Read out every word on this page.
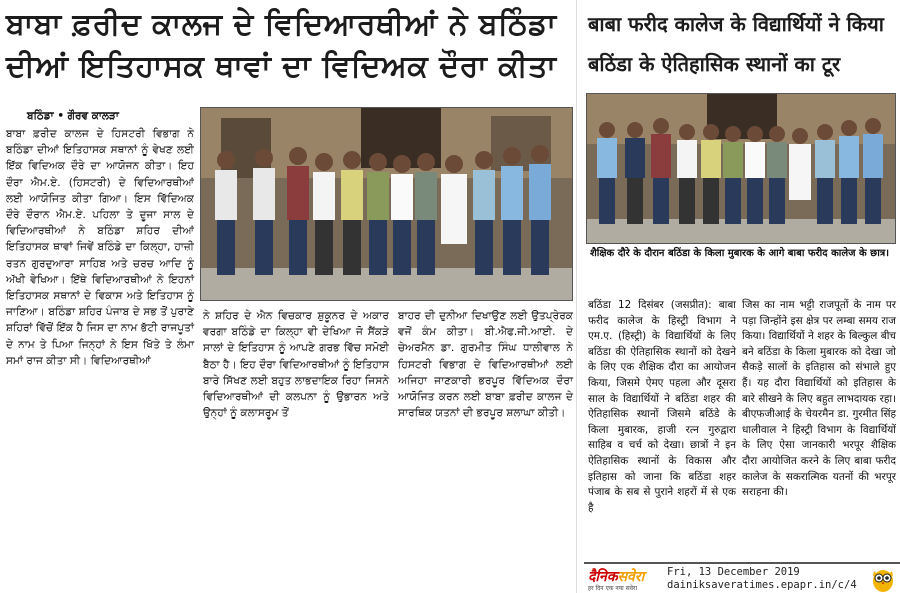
ਬਾਬਾ ਫ਼ਰੀਦ ਕਾਲਜ ਦੇ ਵਿਦਿਆਰਥੀਆਂ ਨੇ ਬਠਿੰਡਾ
ਦੀਆਂ ਇਤਿਹਾਸਕ ਥਾਵਾਂ ਦਾ ਵਿਦਿਅਕ ਦੌਰਾ ਕੀਤਾ
ਬਠਿੰਡਾ • ਗੌਰਵ ਕਾਲੜਾ

ਬਾਬਾ ਫ਼ਰੀਦ ਕਾਲਜ ਦੇ ਹਿਸਟਰੀ ਵਿਭਾਗ ਨੇ ਬਠਿੰਡਾ ਦੀਆਂ ਇਤਿਹਾਸਕ ਸਥਾਨਾਂ ਨੂੰ ਵੇਖਣ ਲਈ ਇੱਕ ਵਿਦਿਅਕ ਦੌਰੇ ਦਾ ਆਯੋਜਨ ਕੀਤਾ। ਇਹ ਦੌਰਾ ਐਮ.ਏ. (ਹਿਸਟਰੀ) ਦੇ ਵਿਦਿਆਰਥੀਆਂ ਲਈ ਆਯੋਜਿਤ ਕੀਤਾ ਗਿਆ। ਇਸ ਵਿੱਦਿਅਕ ਦੌਰੇ ਦੌਰਾਨ ਐਮ.ਏ. ਪਹਿਲਾ ਤੇ ਦੂਜਾ ਸਾਲ ਦੇ ਵਿਦਿਆਰਥੀਆਂ ਨੇ ਬਠਿੰਡਾ ਸ਼ਹਿਰ ਦੀਆਂ ਇਤਿਹਾਸਕ ਥਾਵਾਂ ਜਿਵੇਂ ਬਠਿੰਡੇ ਦਾ ਕਿਲ੍ਹਾ, ਹਾਜ਼ੀ ਰਤਨ ਗੁਰਦੁਆਰਾ ਸਾਹਿਬ ਅਤੇ ਚਰਚ ਆਦਿ ਨੂੰ ਅੱਖੀ ਵੇਖਿਆ। ਇੱਥੇ ਵਿਦਿਆਰਥੀਆਂ ਨੇ ਇਹਨਾਂ ਇਤਿਹਾਸਕ ਸਥਾਨਾਂ ਦੇ ਵਿਕਾਸ ਅਤੇ ਇਤਿਹਾਸ ਨੂੰ ਜਾਣਿਆ। ਬਠਿੰਡਾ ਸ਼ਹਿਰ ਪੰਜਾਬ ਦੇ ਸਭ ਤੋਂ ਪੁਰਾਣੇ ਸ਼ਹਿਰਾਂ ਵਿੱਚੋਂ ਇੱਕ ਹੈ ਜਿਸ ਦਾ ਨਾਮ ਭੱਟੀ ਰਾਜਪੂਤਾਂ ਦੇ ਨਾਮ ਤੇ ਪਿਆ ਜਿਨ੍ਹਾਂ ਨੇ ਇਸ ਖਿੱਤੇ ਤੇ ਲੰਮਾ ਸਮਾਂ ਰਾਜ ਕੀਤਾ ਸੀ। ਵਿਦਿਆਰਥੀਆਂ

ਨੇ ਸ਼ਹਿਰ ਦੇ ਐਨ ਵਿਚਕਾਰ ਸ਼ੁਕੂਨਰ ਦੇ ਅਕਾਰ ਵਰਗਾ ਬਠਿੰਡੇ ਦਾ ਕਿਲ੍ਹਾ ਵੀ ਦੇਖਿਆ ਜੋ ਸੈਂਕੜੇ ਸਾਲਾਂ ਦੇ ਇਤਿਹਾਸ ਨੂੰ ਆਪਣੇ ਗਰਭ ਵਿੱਚ ਸਮੋਈ ਬੈਠਾ ਹੈ। ਇਹ ਦੌਰਾ ਵਿਦਿਆਰਥੀਆਂ ਨੂੰ ਇਤਿਹਾਸ ਬਾਰੇ ਸਿੱਖਣ ਲਈ ਬਹੁਤ ਲਾਭਦਾਇਕ ਰਿਹਾ ਜਿਸਨੇ ਵਿਦਿਆਰਥੀਆਂ ਦੀ ਕਲਪਨਾ ਨੂੰ ਉਭਾਰਨ ਅਤੇ ਉਨ੍ਹਾਂ ਨੂੰ ਕਲਾਸਰੂਮ ਤੋਂ

ਬਾਹਰ ਦੀ ਦੁਨੀਆ ਦਿਖਾਉਣ ਲਈ ਉਤਪ੍ਰੇਰਕ ਵਜੋਂ ਕੰਮ ਕੀਤਾ। ਬੀ.ਐਫ.ਜੀ.ਆਈ. ਦੇ ਚੇਅਰਮੈਨ ਡਾ. ਗੁਰਮੀਤ ਸਿੰਘ ਧਾਲੀਵਾਲ ਨੇ ਹਿਸਟਰੀ ਵਿਭਾਗ ਦੇ ਵਿਦਿਆਰਥੀਆਂ ਲਈ ਅਜਿਹਾ ਜਾਣਕਾਰੀ ਭਰਪੂਰ ਵਿੱਦਿਅਕ ਦੌਰਾ ਆਯੋਜਿਤ ਕਰਨ ਲਈ ਬਾਬਾ ਫ਼ਰੀਦ ਕਾਲਜ ਦੇ ਸਾਰਥਿਕ ਯਤਨਾਂ ਦੀ ਭਰਪੂਰ ਸ਼ਲਾਘਾ ਕੀਤੀ।

बाबा फरीद कालेज के विद्यार्थियों ने किया
बठिंडा के ऐतिहासिक स्थानों का टूर
शैक्षिक दौरे के दौरान बठिंडा के किला मुबारक के आगे बाबा फरीद कालेज के छात्र।

बठिंडा 12 दिसंबर (जसप्रीत): बाबा फरीद कालेज के हिस्ट्री विभाग ने एम.ए. (हिस्ट्री) के विद्यार्थियों के लिए बठिंडा की ऐतिहासिक स्थानों को देखने के लिए एक शैक्षिक दौरा का आयोजन किया, जिसमे ऐमए पहला और दूसरा साल के विद्यार्थियों ने बठिंडा शहर की ऐतिहासिक स्थानों जिसमे बठिंडे के किला मुबारक, हाजी रत्न गुरुद्वारा साहिब व चर्च को देखा। छात्रों ने इन ऐतिहासिक स्थानों के विकास और इतिहास को जाना कि बठिंडा शहर पंजाब के सब से पुराने शहरों में से एक है

जिस का नाम भट्टी राजपूतों के नाम पर पड़ा जिन्होंने इस क्षेत्र पर लम्बा समय राज किया। विद्यार्थियों ने शहर के बिल्कुल बीच बने बठिंडा के किला मुबारक को देखा जो सैकड़े सालों के इतिहास को संभाले हुए हैं। यह दौरा विद्यार्थियों को इतिहास के बारे सीखने के लिए बहुत लाभदायक रहा। बीएफजीआई के चेयरमैन डा. गुरमीत सिंह धालीवाल ने हिस्ट्री विभाग के विद्यार्थियों के लिए ऐसा जानकारी भरपूर शैक्षिक दौरा आयोजित करने के लिए बाबा फरीद कालेज के सकरात्मिक यतनों की भरपूर सराहना की।

दैनिकसवेरा
हर दिन एक नया सवेरा
Fri, 13 December 2019
dainiksaveratimes.epapr.in/c/4
